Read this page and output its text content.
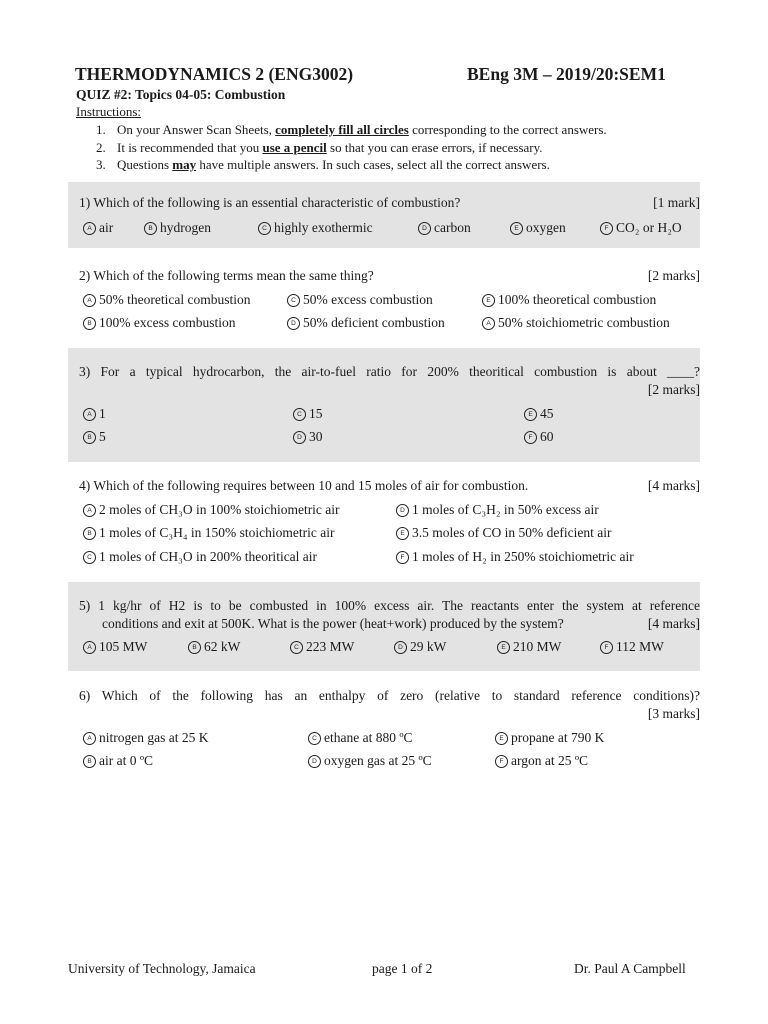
THERMODYNAMICS 2 (ENG3002)	BEng 3M – 2019/20:SEM1
QUIZ #2: Topics 04-05: Combustion
Instructions:
1. On your Answer Scan Sheets, completely fill all circles corresponding to the correct answers.
2. It is recommended that you use a pencil so that you can erase errors, if necessary.
3. Questions may have multiple answers. In such cases, select all the correct answers.
1) Which of the following is an essential characteristic of combustion?	[1 mark]
A air	B hydrogen	C highly exothermic	D carbon	E oxygen	F CO₂ or H₂O
2) Which of the following terms mean the same thing?	[2 marks]
A 50% theoretical combustion	C 50% excess combustion	E 100% theoretical combustion
B 100% excess combustion	D 50% deficient combustion	A 50% stoichiometric combustion
3) For a typical hydrocarbon, the air-to-fuel ratio for 200% theoritical combustion is about ____?
[2 marks]
A 1	C 15	E 45
B 5	D 30	F 60
4) Which of the following requires between 10 and 15 moles of air for combustion.	[4 marks]
A 2 moles of CH₃O in 100% stoichiometric air	D 1 moles of C₃H₂ in 50% excess air
B 1 moles of C₃H₄ in 150% stoichiometric air	E 3.5 moles of CO in 50% deficient air
C 1 moles of CH₃O in 200% theoritical air	F 1 moles of H₂ in 250% stoichiometric air
5) 1 kg/hr of H2 is to be combusted in 100% excess air. The reactants enter the system at reference
conditions and exit at 500K. What is the power (heat+work) produced by the system?	[4 marks]
A 105 MW	B 62 kW	C 223 MW	D 29 kW	E 210 MW	F 112 MW
6) Which of the following has an enthalpy of zero (relative to standard reference conditions)?
[3 marks]
A nitrogen gas at 25 K	C ethane at 880 ºC	E propane at 790 K
B air at 0 ºC	D oxygen gas at 25 ºC	F argon at 25 ºC
University of Technology, Jamaica	page 1 of 2	Dr. Paul A Campbell
